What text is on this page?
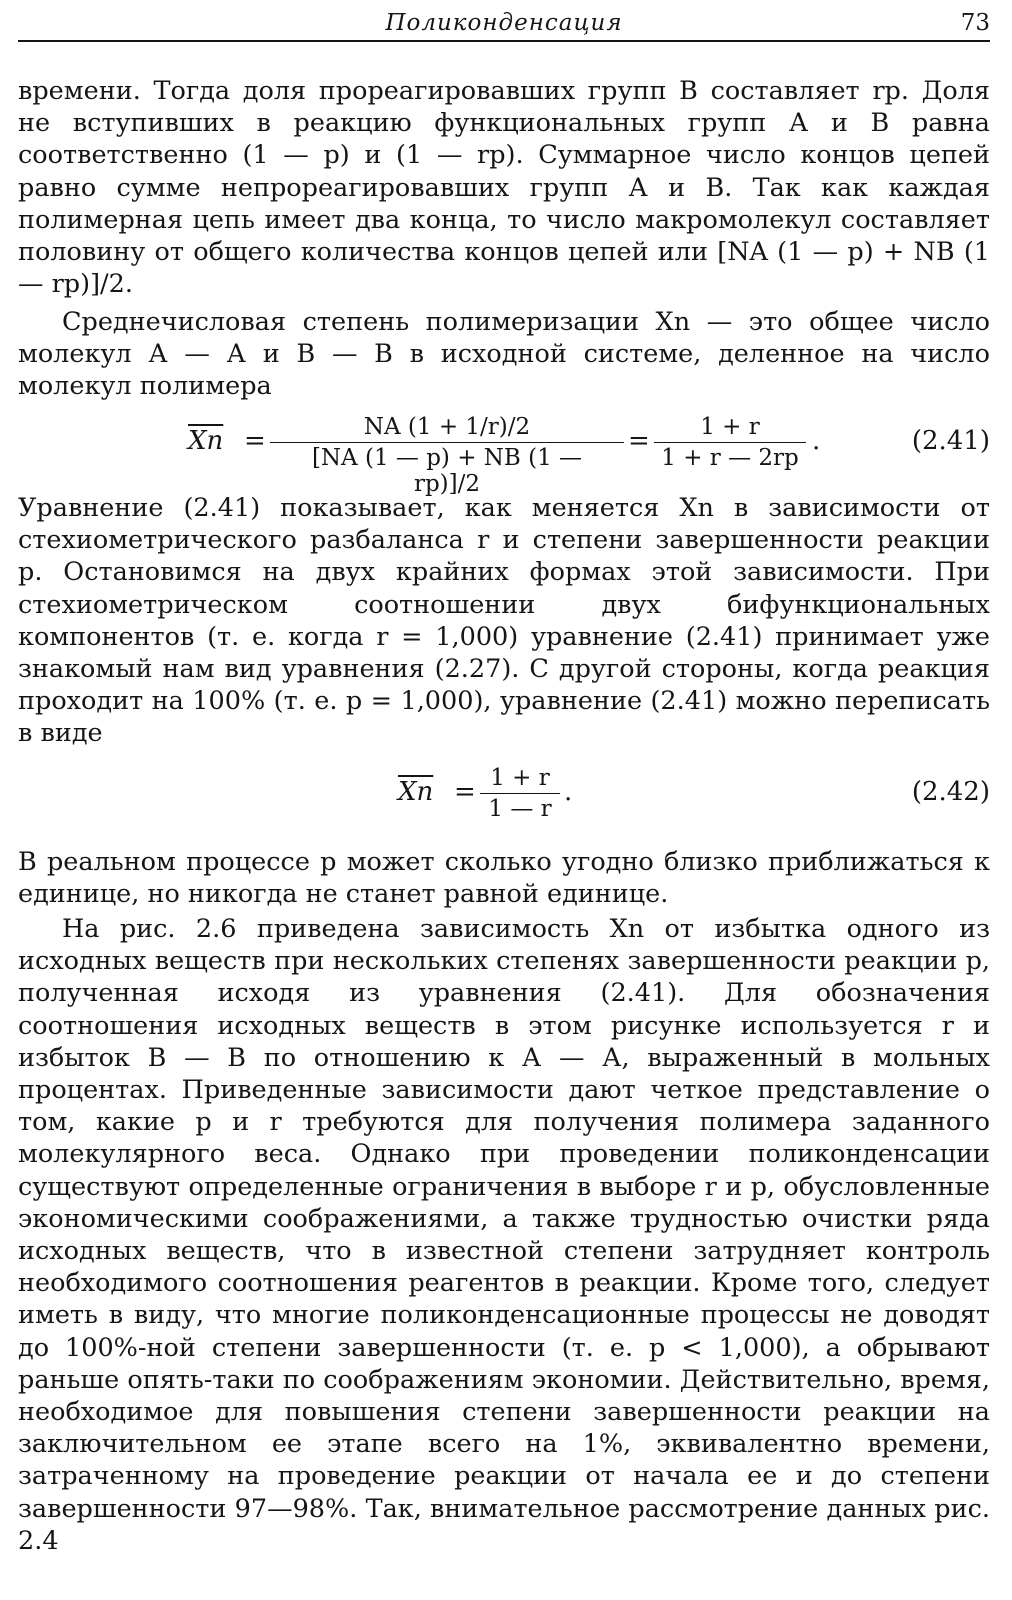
Поликонденсация	73
времени. Тогда доля прореагировавших групп В составляет rp. Доля не вступивших в реакцию функциональных групп А и В равна соответственно (1 — p) и (1 — rp). Суммарное число концов цепей равно сумме непрореагировавших групп А и В. Так как каждая полимерная цепь имеет два конца, то число макромолекул составляет половину от общего количества концов цепей или [NA (1 — p) + NB (1 — rp)]/2.
Среднечисловая степень полимеризации Xn — это общее число молекул А — А и В — В в исходной системе, деленное на число молекул полимера
$\overline{Xn} = \frac{NA (1 + 1/r)/2}{[NA (1 — p) + NB (1 — rp)]/2} = \frac{1 + r}{1 + r — 2rp}$ .	(2.41)
Уравнение (2.41) показывает, как меняется Xn в зависимости от стехиометрического разбаланса r и степени завершенности реакции p. Остановимся на двух крайних формах этой зависимости. При стехиометрическом соотношении двух бифункциональных компонентов (т. е. когда r = 1,000) уравнение (2.41) принимает уже знакомый нам вид уравнения (2.27). С другой стороны, когда реакция проходит на 100% (т. е. p = 1,000), уравнение (2.41) можно переписать в виде
$\overline{Xn} = \frac{1 + r}{1 — r}$ .	(2.42)
В реальном процессе p может сколько угодно близко приближаться к единице, но никогда не станет равной единице.
На рис. 2.6 приведена зависимость Xn от избытка одного из исходных веществ при нескольких степенях завершенности реакции p, полученная исходя из уравнения (2.41). Для обозначения соотношения исходных веществ в этом рисунке используется r и избыток В — В по отношению к А — А, выраженный в мольных процентах. Приведенные зависимости дают четкое представление о том, какие p и r требуются для получения полимера заданного молекулярного веса. Однако при проведении поликонденсации существуют определенные ограничения в выборе r и p, обусловленные экономическими соображениями, а также трудностью очистки ряда исходных веществ, что в известной степени затрудняет контроль необходимого соотношения реагентов в реакции. Кроме того, следует иметь в виду, что многие поликонденсационные процессы не доводят до 100%-ной степени завершенности (т. е. p < 1,000), а обрывают раньше опять-таки по соображениям экономии. Действительно, время, необходимое для повышения степени завершенности реакции на заключительном ее этапе всего на 1%, эквивалентно времени, затраченному на проведение реакции от начала ее и до степени завершенности 97—98%. Так, внимательное рассмотрение данных рис. 2.4
